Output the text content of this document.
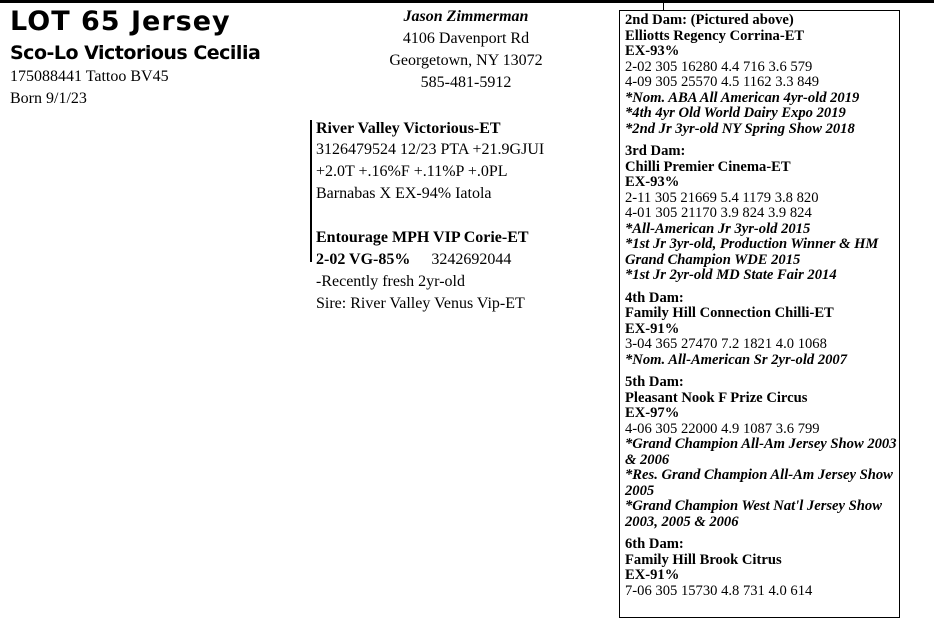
LOT 65 Jersey
Sco-Lo Victorious Cecilia
175088441 Tattoo BV45
Born 9/1/23
Jason Zimmerman
4106 Davenport Rd
Georgetown, NY 13072
585-481-5912
River Valley Victorious-ET
3126479524 12/23 PTA +21.9GJUI
+2.0T +.16%F +.11%P +.0PL
Barnabas X EX-94% Iatola
Entourage MPH VIP Corie-ET
2-02 VG-85% 3242692044
-Recently fresh 2yr-old
Sire: River Valley Venus Vip-ET
2nd Dam: (Pictured above)
Elliotts Regency Corrina-ET
EX-93%
2-02 305 16280 4.4 716 3.6 579
4-09 305 25570 4.5 1162 3.3 849
*Nom. ABA All American 4yr-old 2019
*4th 4yr Old World Dairy Expo 2019
*2nd Jr 3yr-old NY Spring Show 2018
3rd Dam:
Chilli Premier Cinema-ET
EX-93%
2-11 305 21669 5.4 1179 3.8 820
4-01 305 21170 3.9 824 3.9 824
*All-American Jr 3yr-old 2015
*1st Jr 3yr-old, Production Winner & HM Grand Champion WDE 2015
*1st Jr 2yr-old MD State Fair 2014
4th Dam:
Family Hill Connection Chilli-ET
EX-91%
3-04 365 27470 7.2 1821 4.0 1068
*Nom. All-American Sr 2yr-old 2007
5th Dam:
Pleasant Nook F Prize Circus
EX-97%
4-06 305 22000 4.9 1087 3.6 799
*Grand Champion All-Am Jersey Show 2003 & 2006
*Res. Grand Champion All-Am Jersey Show 2005
*Grand Champion West Nat'l Jersey Show 2003, 2005 & 2006
6th Dam:
Family Hill Brook Citrus
EX-91%
7-06 305 15730 4.8 731 4.0 614
